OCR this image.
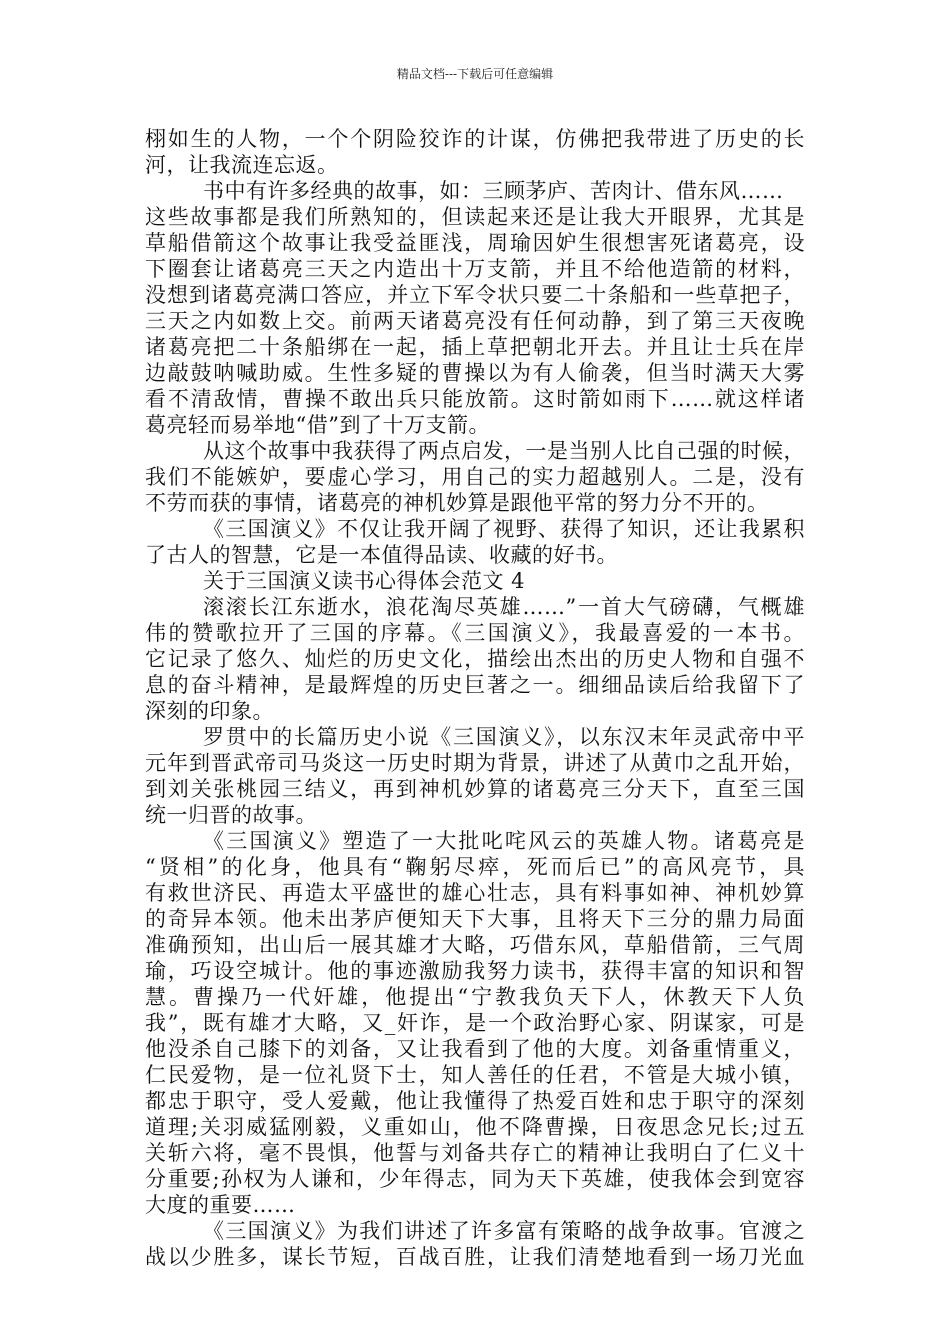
精品文档---下载后可任意编辑
栩如生的人物，一个个阴险狡诈的计谋，仿佛把我带进了历史的长
河，让我流连忘返。
书中有许多经典的故事，如：三顾茅庐、苦肉计、借东风……
这些故事都是我们所熟知的，但读起来还是让我大开眼界，尤其是
草船借箭这个故事让我受益匪浅，周瑜因妒生很想害死诸葛亮，设
下圈套让诸葛亮三天之内造出十万支箭，并且不给他造箭的材料，
没想到诸葛亮满口答应，并立下军令状只要二十条船和一些草把子，
三天之内如数上交。前两天诸葛亮没有任何动静，到了第三天夜晚
诸葛亮把二十条船绑在一起，插上草把朝北开去。并且让士兵在岸
边敲鼓呐喊助威。生性多疑的曹操以为有人偷袭，但当时满天大雾
看不清敌情，曹操不敢出兵只能放箭。这时箭如雨下……就这样诸
葛亮轻而易举地“借”到了十万支箭。
从这个故事中我获得了两点启发，一是当别人比自己强的时候，
我们不能嫉妒，要虚心学习，用自己的实力超越别人。二是，没有
不劳而获的事情，诸葛亮的神机妙算是跟他平常的努力分不开的。
《三国演义》不仅让我开阔了视野、获得了知识，还让我累积
了古人的智慧，它是一本值得品读、收藏的好书。
关于三国演义读书心得体会范文 4
滚滚长江东逝水，浪花淘尽英雄……”一首大气磅礴，气概雄
伟的赞歌拉开了三国的序幕。《三国演义》，我最喜爱的一本书。
它记录了悠久、灿烂的历史文化，描绘出杰出的历史人物和自强不
息的奋斗精神，是最辉煌的历史巨著之一。细细品读后给我留下了
深刻的印象。
罗贯中的长篇历史小说《三国演义》，以东汉末年灵武帝中平
元年到晋武帝司马炎这一历史时期为背景，讲述了从黄巾之乱开始，
到刘关张桃园三结义，再到神机妙算的诸葛亮三分天下，直至三国
统一归晋的故事。
《三国演义》塑造了一大批叱咤风云的英雄人物。诸葛亮是
“贤相”的化身，他具有“鞠躬尽瘁，死而后已”的高风亮节，具
有救世济民、再造太平盛世的雄心壮志，具有料事如神、神机妙算
的奇异本领。他未出茅庐便知天下大事，且将天下三分的鼎力局面
准确预知，出山后一展其雄才大略，巧借东风，草船借箭，三气周
瑜，巧设空城计。他的事迹激励我努力读书，获得丰富的知识和智
慧。曹操乃一代奸雄，他提出“宁教我负天下人，休教天下人负
我”，既有雄才大略，又_奸诈，是一个政治野心家、阴谋家，可是
他没杀自己膝下的刘备，又让我看到了他的大度。刘备重情重义，
仁民爱物，是一位礼贤下士，知人善任的任君，不管是大城小镇，
都忠于职守，受人爱戴，他让我懂得了热爱百姓和忠于职守的深刻
道理;关羽威猛刚毅，义重如山，他不降曹操，日夜思念兄长;过五
关斩六将，毫不畏惧，他誓与刘备共存亡的精神让我明白了仁义十
分重要;孙权为人谦和，少年得志，同为天下英雄，使我体会到宽容
大度的重要……
《三国演义》为我们讲述了许多富有策略的战争故事。官渡之
战以少胜多，谋长节短，百战百胜，让我们清楚地看到一场刀光血
